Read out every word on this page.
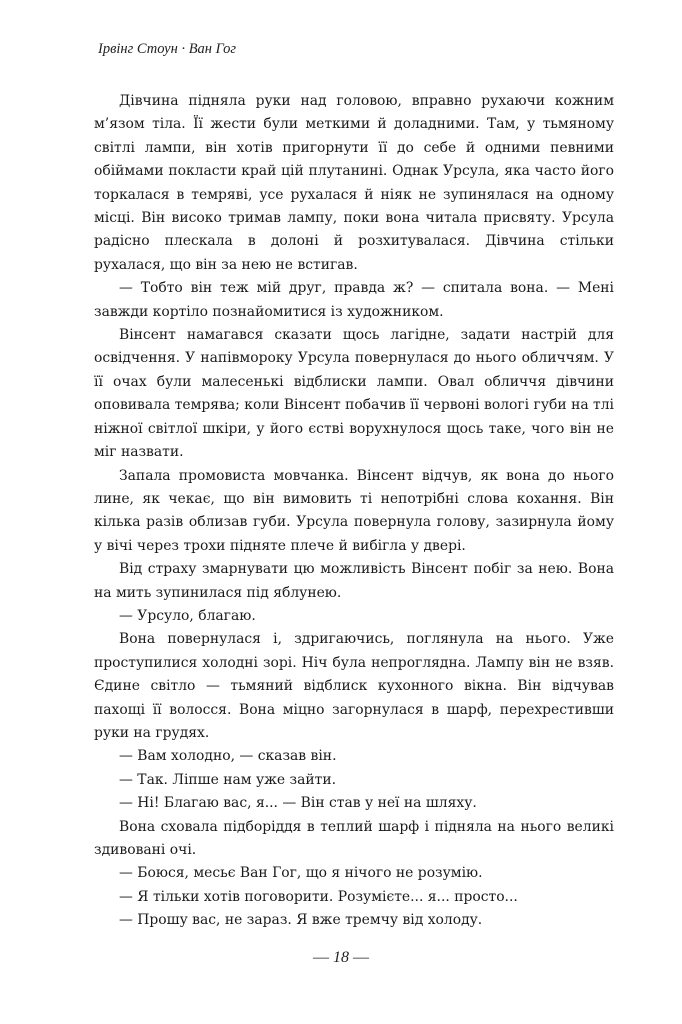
Ірвінг Стоун · Ван Гог

Дівчина підняла руки над головою, вправно рухаючи кожним м’язом тіла. Її жести були меткими й доладними. Там, у тьмяному світлі лампи, він хотів пригорнути її до себе й одними певними обіймами покласти край цій плутанині. Однак Урсула, яка часто його торкалася в темряві, усе рухалася й ніяк не зупинялася на одному місці. Він високо тримав лампу, поки вона читала присвяту. Урсула радісно плескала в долоні й розхитувалася. Дівчина стільки рухалася, що він за нею не встигав.

— Тобто він теж мій друг, правда ж? — спитала вона. — Мені завжди кортіло познайомитися із художником.

Вінсент намагався сказати щось лагідне, задати настрій для освідчення. У напівмороку Урсула повернулася до нього обличчям. У її очах були малесенькі відблиски лампи. Овал обличчя дівчини оповивала темрява; коли Вінсент побачив її червоні вологі губи на тлі ніжної світлої шкіри, у його єстві ворухнулося щось таке, чого він не міг назвати.

Запала промовиста мовчанка. Вінсент відчув, як вона до нього лине, як чекає, що він вимовить ті непотрібні слова кохання. Він кілька разів облизав губи. Урсула повернула голову, зазирнула йому у вічі через трохи підняте плече й вибігла у двері.

Від страху змарнувати цю можливість Вінсент побіг за нею. Вона на мить зупинилася під яблунею.

— Урсуло, благаю.

Вона повернулася і, здригаючись, поглянула на нього. Уже проступилися холодні зорі. Ніч була непроглядна. Лампу він не взяв. Єдине світло — тьмяний відблиск кухонного вікна. Він відчував пахощі її волосся. Вона міцно загорнулася в шарф, перехрестивши руки на грудях.

— Вам холодно, — сказав він.

— Так. Ліпше нам уже зайти.

— Ні! Благаю вас, я... — Він став у неї на шляху.

Вона сховала підборіддя в теплий шарф і підняла на нього великі здивовані очі.

— Боюся, месьє Ван Гог, що я нічого не розумію.

— Я тільки хотів поговорити. Розумієте... я... просто...

— Прошу вас, не зараз. Я вже тремчу від холоду.

— 18 —
